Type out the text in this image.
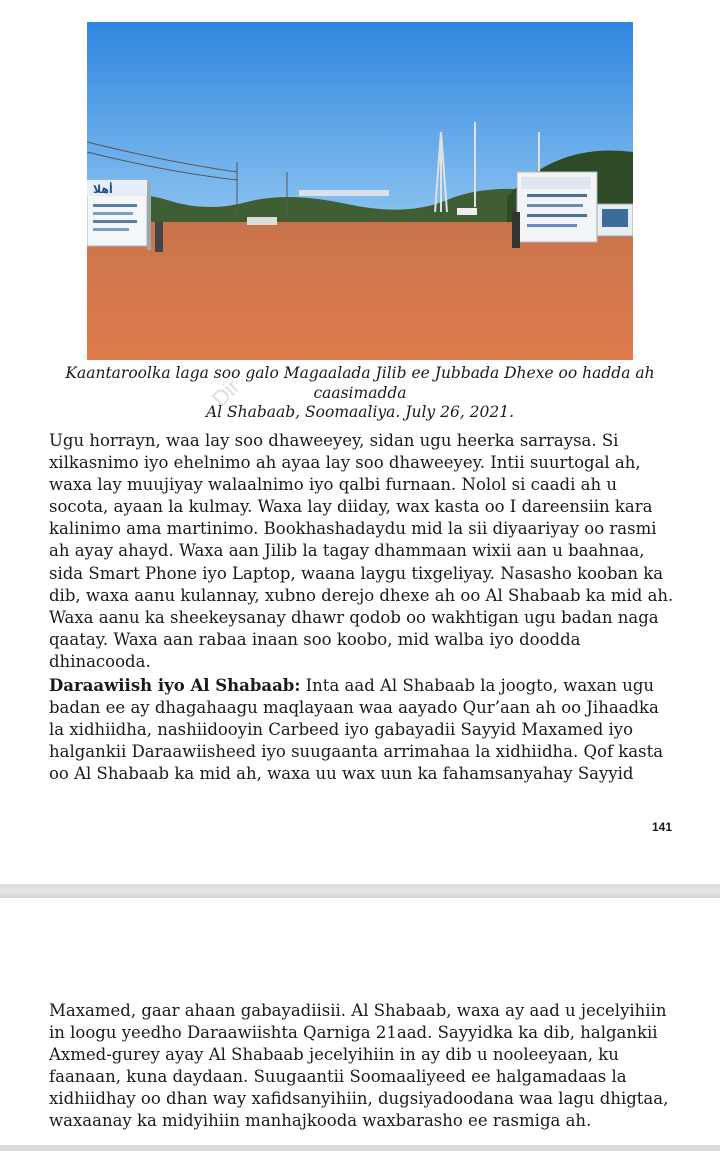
أهلا
Kaantaroolka laga soo galo Magaalada Jilib ee Jubbada Dhexe oo hadda ah caasimadda
Al Shabaab, Soomaaliya. July 26, 2021.
Dir

Ugu horrayn, waa lay soo dhaweeyey, sidan ugu heerka sarraysa. Si xilkasnimo iyo ehelnimo ah ayaa lay soo dhaweeyey. Intii suurtogal ah, waxa lay muujiyay walaalnimo iyo qalbi furnaan. Nolol si caadi ah u socota, ayaan la kulmay. Waxa lay diiday, wax kasta oo I dareensiin kara kalinimo ama martinimo. Bookhashadaydu mid la sii diyaariyay oo rasmi ah ayay ahayd. Waxa aan Jilib la tagay dhammaan wixii aan u baahnaa, sida Smart Phone iyo Laptop, waana laygu tixgeliyay. Nasasho kooban ka dib, waxa aanu kulannay, xubno derejo dhexe ah oo Al Shabaab ka mid ah. Waxa aanu ka sheekeysanay dhawr qodob oo wakhtigan ugu badan naga qaatay. Waxa aan rabaa inaan soo koobo, mid walba iyo doodda dhinacooda.

Daraawiish iyo Al Shabaab: Inta aad Al Shabaab la joogto, waxan ugu badan ee ay dhagahaagu maqlayaan waa aayado Qur’aan ah oo Jihaadka la xidhiidha, nashiidooyin Carbeed iyo gabayadii Sayyid Maxamed iyo halgankii Daraawiisheed iyo suugaanta arrimahaa la xidhiidha. Qof kasta oo Al Shabaab ka mid ah, waxa uu wax uun ka fahamsanyahay Sayyid

141

Maxamed, gaar ahaan gabayadiisii. Al Shabaab, waxa ay aad u jecelyihiin in loogu yeedho Daraawiishta Qarniga 21aad. Sayyidka ka dib, halgankii Axmed-gurey ayay Al Shabaab jecelyihiin in ay dib u nooleeyaan, ku faanaan, kuna daydaan. Suugaantii Soomaaliyeed ee halgamadaas la xidhiidhay oo dhan way xafidsanyihiin, dugsiyadoodana waa lagu dhigtaa, waxaanay ka midyihiin manhajkooda waxbarasho ee rasmiga ah.
